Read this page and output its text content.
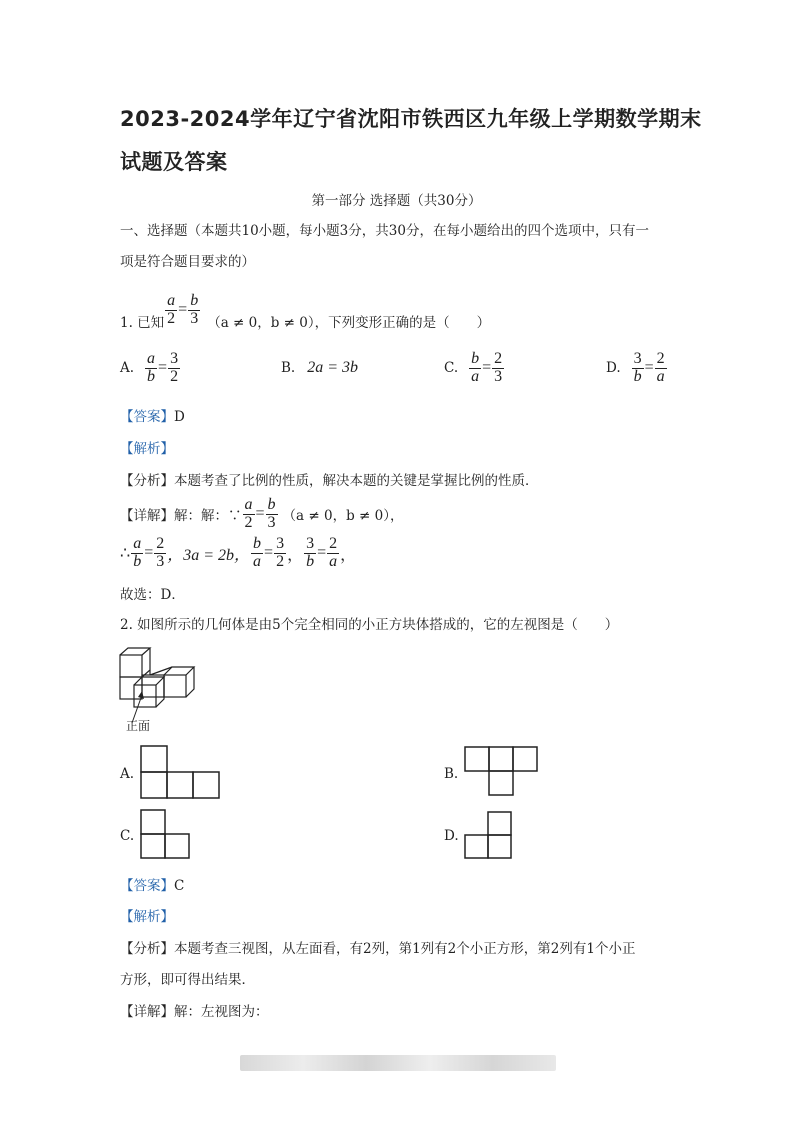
2023-2024学年辽宁省沈阳市铁西区九年级上学期数学期末
试题及答案
第一部分 选择题（共30分）
一、选择题（本题共10小题，每小题3分，共30分，在每小题给出的四个选项中，只有一
项是符合题目要求的）
1. 已知 $\frac{a}{2} = \frac{b}{3} (a \ne 0$，b ≠ 0），下列变形正确的是（　　）
A. $\frac{a}{b} = \frac{3}{2}$	B. 2a = 3b	C. $\frac{b}{a} = \frac{2}{3}$	D. $\frac{3}{b} = \frac{2}{a}$
【答案】D
【解析】
【分析】本题考查了比例的性质，解决本题的关键是掌握比例的性质．
【详解】 解：解：∵ $\frac{a}{2} = \frac{b}{3} (a \ne 0$，b ≠ 0），
∴ $\frac{a}{b} = \frac{2}{3}$ ，3a = 2b， $\frac{b}{a} = \frac{3}{2}$ ， $\frac{3}{b} = \frac{2}{a}$ ，
故选：D．
2. 如图所示的几何体是由5个完全相同的小正方块体搭成的，它的左视图是（　　）
正面
A.	B.
C.	D.
【答案】C
【解析】
【分析】本题考查三视图，从左面看，有2列，第1列有2个小正方形，第2列有1个小正
方形，即可得出结果．
【详解】解：左视图为：
